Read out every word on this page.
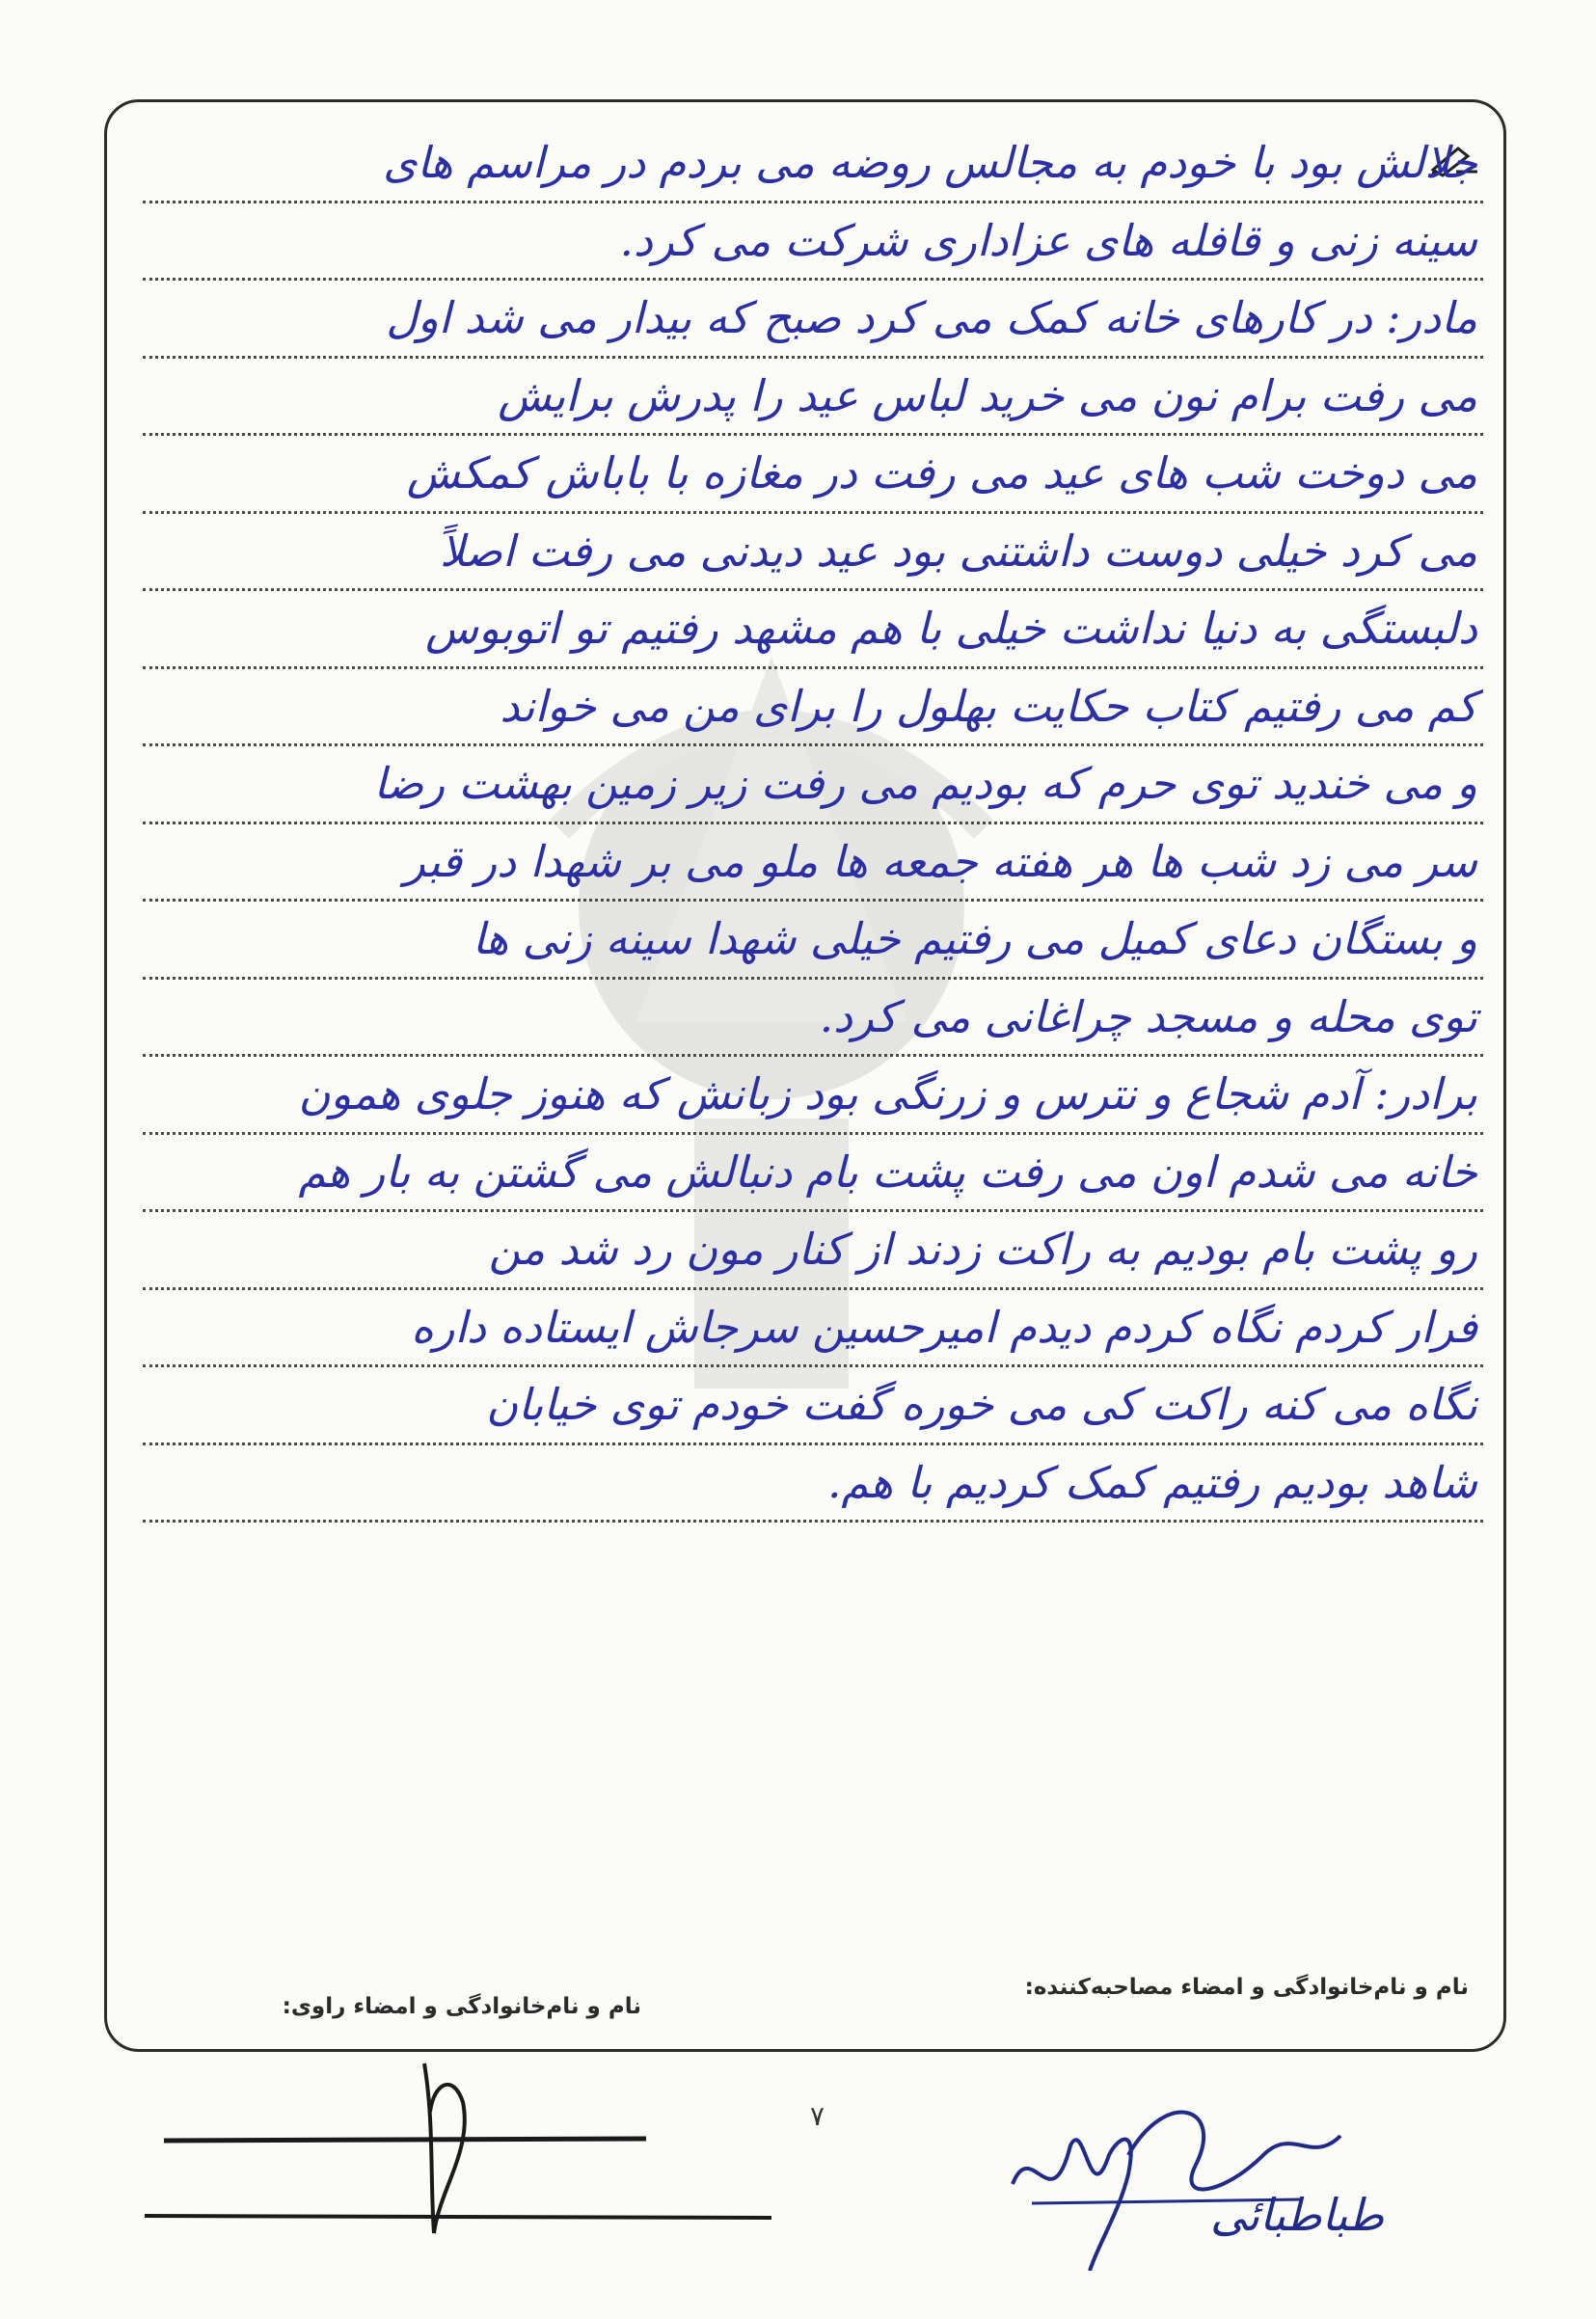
جلالش بود با خودم به مجالس روضه می بردم در مراسم های
سینه زنی و قافله های عزاداری شرکت می کرد.
مادر: در کارهای خانه کمک می کرد صبح که بیدار می شد اول
می رفت برام نون می خرید لباس عید را پدرش برایش
می دوخت شب های عید می رفت در مغازه با باباش کمکش
می کرد خیلی دوست داشتنی بود عید دیدنی می رفت اصلاً
دلبستگی به دنیا نداشت خیلی با هم مشهد رفتیم تو اتوبوس
کم می رفتیم کتاب حکایت بهلول را برای من می خواند
و می خندید توی حرم که بودیم می رفت زیر زمین بهشت رضا
سر می زد شب ها هر هفته جمعه ها ملو می بر شهدا در قبر
و بستگان دعای کمیل می رفتیم خیلی شهدا سینه زنی ها
توی محله و مسجد چراغانی می کرد.
برادر: آدم شجاع و نترس و زرنگی بود زبانش که هنوز جلوی همون
خانه می شدم اون می رفت پشت بام دنبالش می گشتن به بار هم
رو پشت بام بودیم به راکت زدند از کنار مون رد شد من
فرار کردم نگاه کردم دیدم امیرحسین سرجاش ایستاده داره
نگاه می کنه راکت کی می خوره گفت خودم توی خیابان
شاهد بودیم رفتیم کمک کردیم با هم.
نام و نام‌خانوادگی و امضاء مصاحبه‌کننده:
نام و نام‌خانوادگی و امضاء راوی:
۷
طباطبائی
